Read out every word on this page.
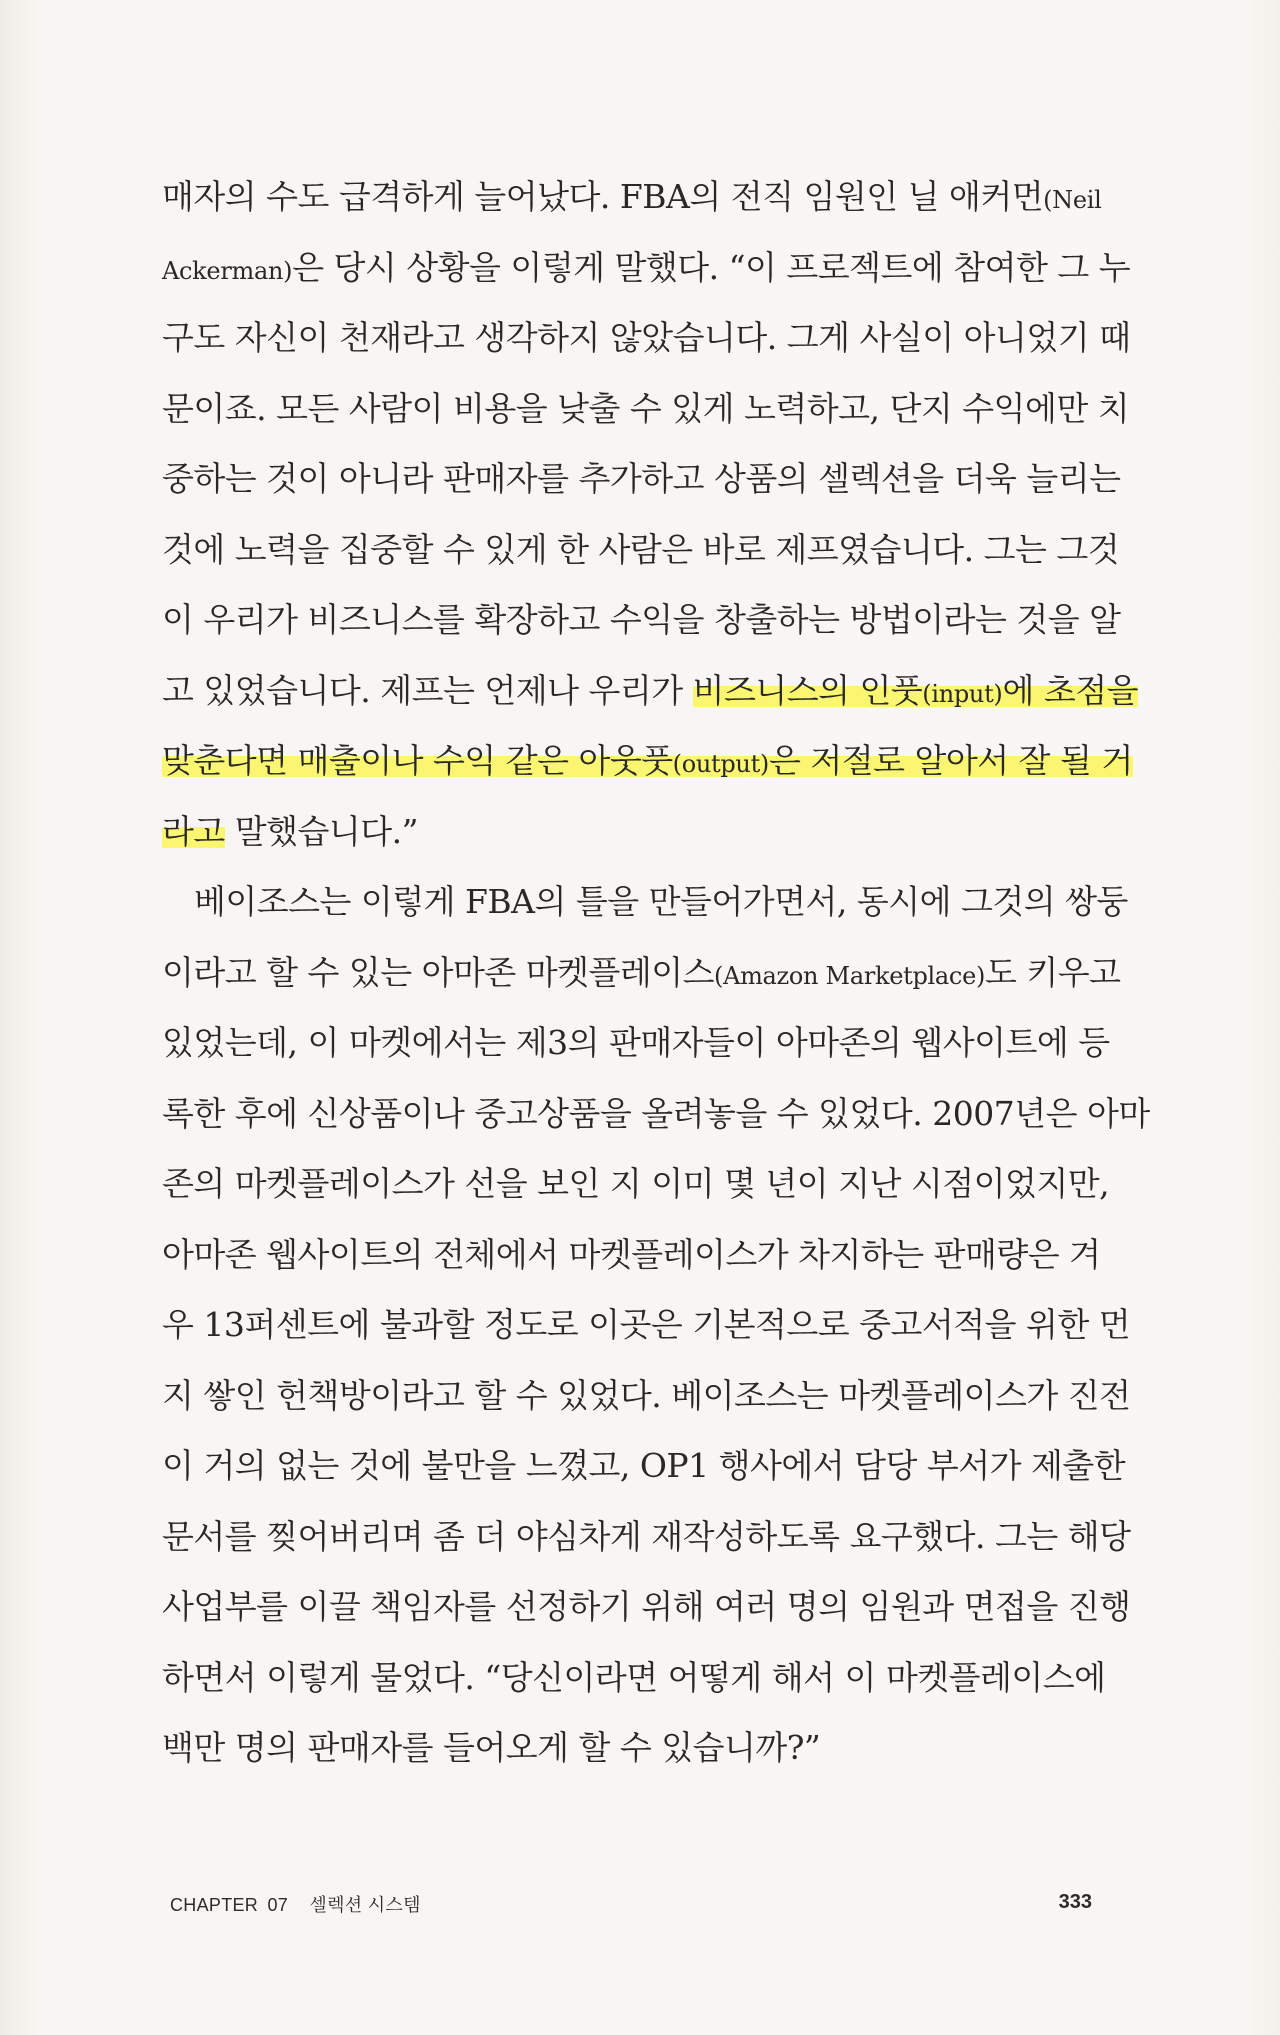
매자의 수도 급격하게 늘어났다. FBA의 전직 임원인 닐 애커먼(Neil
Ackerman)은 당시 상황을 이렇게 말했다. “이 프로젝트에 참여한 그 누
구도 자신이 천재라고 생각하지 않았습니다. 그게 사실이 아니었기 때
문이죠. 모든 사람이 비용을 낮출 수 있게 노력하고, 단지 수익에만 치
중하는 것이 아니라 판매자를 추가하고 상품의 셀렉션을 더욱 늘리는
것에 노력을 집중할 수 있게 한 사람은 바로 제프였습니다. 그는 그것
이 우리가 비즈니스를 확장하고 수익을 창출하는 방법이라는 것을 알
고 있었습니다. 제프는 언제나 우리가 비즈니스의 인풋(input)에 초점을
맞춘다면 매출이나 수익 같은 아웃풋(output)은 저절로 알아서 잘 될 거
라고 말했습니다.”
베이조스는 이렇게 FBA의 틀을 만들어가면서, 동시에 그것의 쌍둥
이라고 할 수 있는 아마존 마켓플레이스(Amazon Marketplace)도 키우고
있었는데, 이 마켓에서는 제3의 판매자들이 아마존의 웹사이트에 등
록한 후에 신상품이나 중고상품을 올려놓을 수 있었다. 2007년은 아마
존의 마켓플레이스가 선을 보인 지 이미 몇 년이 지난 시점이었지만,
아마존 웹사이트의 전체에서 마켓플레이스가 차지하는 판매량은 겨
우 13퍼센트에 불과할 정도로 이곳은 기본적으로 중고서적을 위한 먼
지 쌓인 헌책방이라고 할 수 있었다. 베이조스는 마켓플레이스가 진전
이 거의 없는 것에 불만을 느꼈고, OP1 행사에서 담당 부서가 제출한
문서를 찢어버리며 좀 더 야심차게 재작성하도록 요구했다. 그는 해당
사업부를 이끌 책임자를 선정하기 위해 여러 명의 임원과 면접을 진행
하면서 이렇게 물었다. “당신이라면 어떻게 해서 이 마켓플레이스에
백만 명의 판매자를 들어오게 할 수 있습니까?”
CHAPTER 07 셀렉션 시스템	333
